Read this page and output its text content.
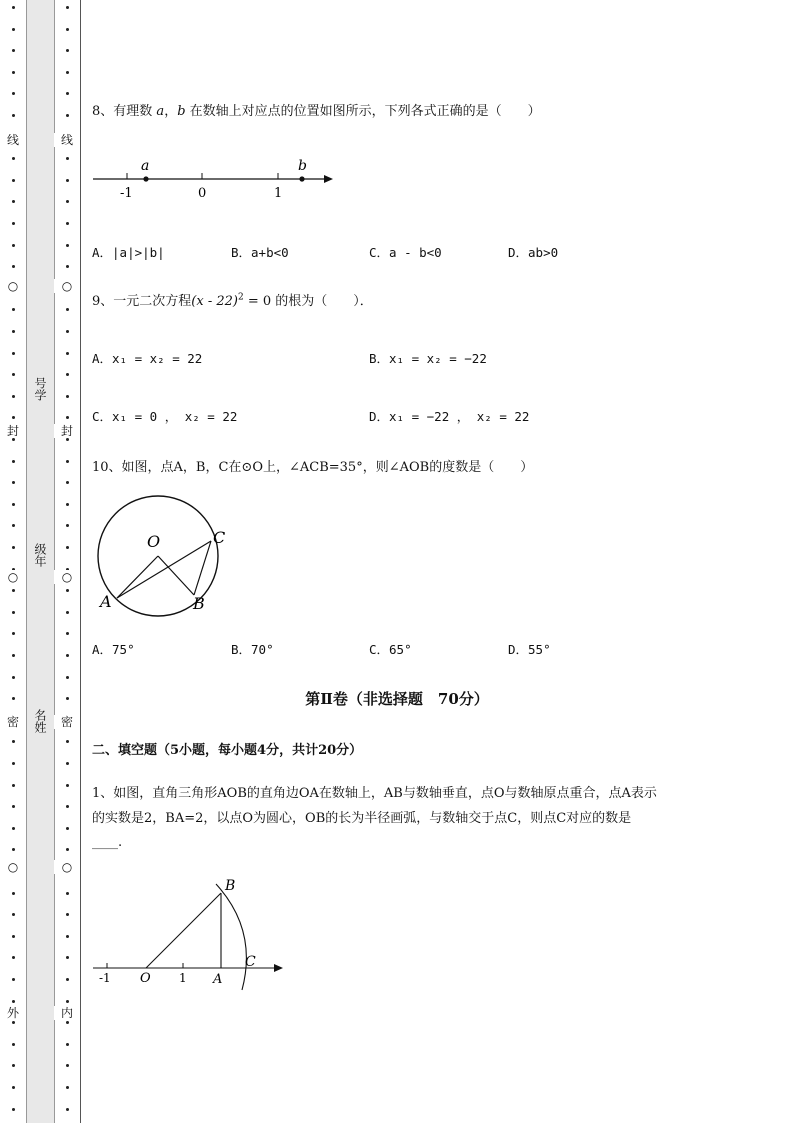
线
○
封
○
密
○
外
号学
级年
名姓
线
○
封
○
密
○
内
8、有理数 a，b 在数轴上对应点的位置如图所示，下列各式正确的是（　　）
a	b
-1	0	1
A．|a|>|b|	B．a+b<0	C．a - b<0	D．ab>0
9、一元二次方程(x - 22)$^2$ = 0 的根为（　　）．
A．x₁ = x₂ = 22	B．x₁ = x₂ = −22
C．x₁ = 0 ， x₂ = 22	D．x₁ = −22 ， x₂ = 22
10、如图，点A，B，C在⊙O上，∠ACB=35°，则∠AOB的度数是（　　）
O
A	B
C
A．75°	B．70°	C．65°	D．55°
第Ⅱ卷（非选择题　70分）
二、填空题（5小题，每小题4分，共计20分）
1、如图，直角三角形AOB的直角边OA在数轴上，AB与数轴垂直，点O与数轴原点重合，点A表示
的实数是2，BA=2，以点O为圆心，OB的长为半径画弧，与数轴交于点C，则点C对应的数是
____.
B
C
-1 O 1 A
